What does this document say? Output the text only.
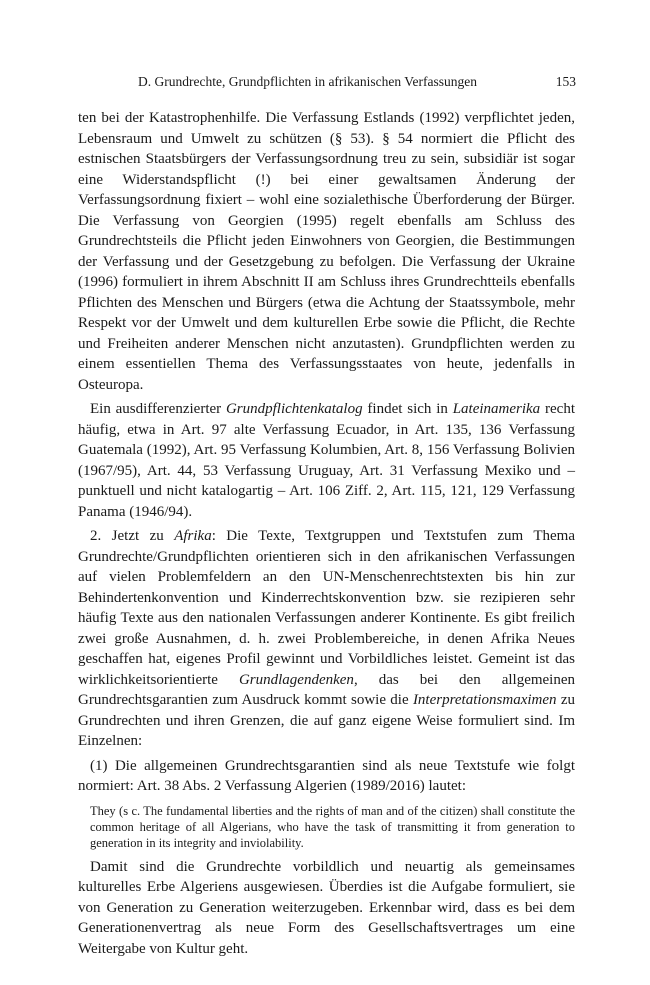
D. Grundrechte, Grundpflichten in afrikanischen Verfassungen	153

ten bei der Katastrophenhilfe. Die Verfassung Estlands (1992) verpflichtet jeden, Lebensraum und Umwelt zu schützen (§ 53). § 54 normiert die Pflicht des estnischen Staatsbürgers der Verfassungsordnung treu zu sein, subsidiär ist sogar eine Widerstandspflicht (!) bei einer gewaltsamen Änderung der Verfassungsordnung fixiert – wohl eine sozialethische Überforderung der Bürger. Die Verfassung von Georgien (1995) regelt ebenfalls am Schluss des Grundrechtsteils die Pflicht jeden Einwohners von Georgien, die Bestimmungen der Verfassung und der Gesetzgebung zu befolgen. Die Verfassung der Ukraine (1996) formuliert in ihrem Abschnitt II am Schluss ihres Grundrechtteils ebenfalls Pflichten des Menschen und Bürgers (etwa die Achtung der Staatssymbole, mehr Respekt vor der Umwelt und dem kulturellen Erbe sowie die Pflicht, die Rechte und Freiheiten anderer Menschen nicht anzutasten). Grundpflichten werden zu einem essentiellen Thema des Verfassungsstaates von heute, jedenfalls in Osteuropa.

Ein ausdifferenzierter Grundpflichtenkatalog findet sich in Lateinamerika recht häufig, etwa in Art. 97 alte Verfassung Ecuador, in Art. 135, 136 Verfassung Guatemala (1992), Art. 95 Verfassung Kolumbien, Art. 8, 156 Verfassung Bolivien (1967/95), Art. 44, 53 Verfassung Uruguay, Art. 31 Verfassung Mexiko und – punktuell und nicht katalogartig – Art. 106 Ziff. 2, Art. 115, 121, 129 Verfassung Panama (1946/94).

2. Jetzt zu Afrika: Die Texte, Textgruppen und Textstufen zum Thema Grundrechte/Grundpflichten orientieren sich in den afrikanischen Verfassungen auf vielen Problemfeldern an den UN-Menschenrechtstexten bis hin zur Behindertenkonvention und Kinderrechtskonvention bzw. sie rezipieren sehr häufig Texte aus den nationalen Verfassungen anderer Kontinente. Es gibt freilich zwei große Ausnahmen, d. h. zwei Problembereiche, in denen Afrika Neues geschaffen hat, eigenes Profil gewinnt und Vorbildliches leistet. Gemeint ist das wirklichkeitsorientierte Grundlagendenken, das bei den allgemeinen Grundrechtsgarantien zum Ausdruck kommt sowie die Interpretationsmaximen zu Grundrechten und ihren Grenzen, die auf ganz eigene Weise formuliert sind. Im Einzelnen:

(1) Die allgemeinen Grundrechtsgarantien sind als neue Textstufe wie folgt normiert: Art. 38 Abs. 2 Verfassung Algerien (1989/2016) lautet:

They (s c. The fundamental liberties and the rights of man and of the citizen) shall constitute the common heritage of all Algerians, who have the task of transmitting it from generation to generation in its integrity and inviolability.

Damit sind die Grundrechte vorbildlich und neuartig als gemeinsames kulturelles Erbe Algeriens ausgewiesen. Überdies ist die Aufgabe formuliert, sie von Generation zu Generation weiterzugeben. Erkennbar wird, dass es bei dem Generationenvertrag als neue Form des Gesellschaftsvertrages um eine Weitergabe von Kultur geht.
